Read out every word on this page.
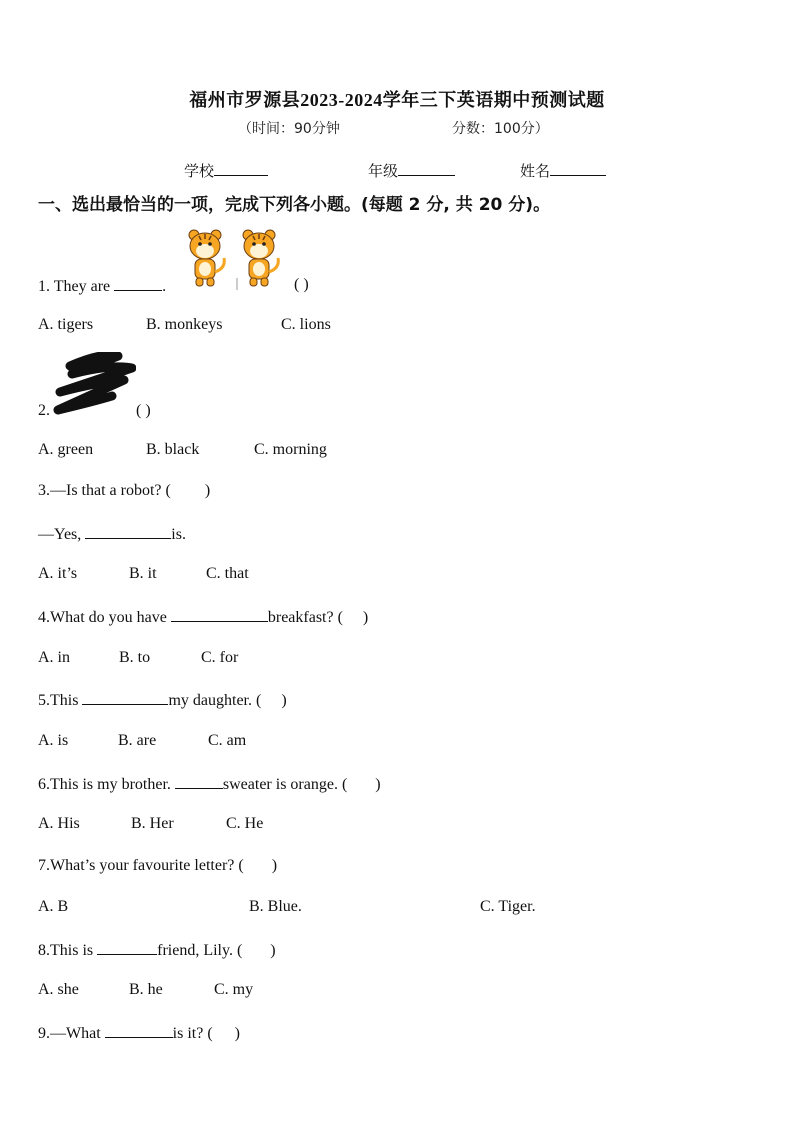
福州市罗源县2023-2024学年三下英语期中预测试题
（时间：90分钟	分数：100分）
学校	年级	姓名
一、选出最恰当的一项，完成下列各小题。(每题 2 分, 共 20 分)。
1. They are	.	( )
A. tigers	B. monkeys	C. lions
2.	( )
A. green	B. black	C. morning
3.—Is that a robot? ( )
—Yes,	is.
A. it’s	B. it	C. that
4.What do you have	breakfast? ( )
A. in	B. to	C. for
5.This	my daughter. ( )
A. is	B. are	C. am
6.This is my brother.	sweater is orange. ( )
A. His	B. Her	C. He
7.What’s your favourite letter? ( )
A. B	B. Blue.	C. Tiger.
8.This is	friend, Lily. ( )
A. she	B. he	C. my
9.—What	is it? ( )
